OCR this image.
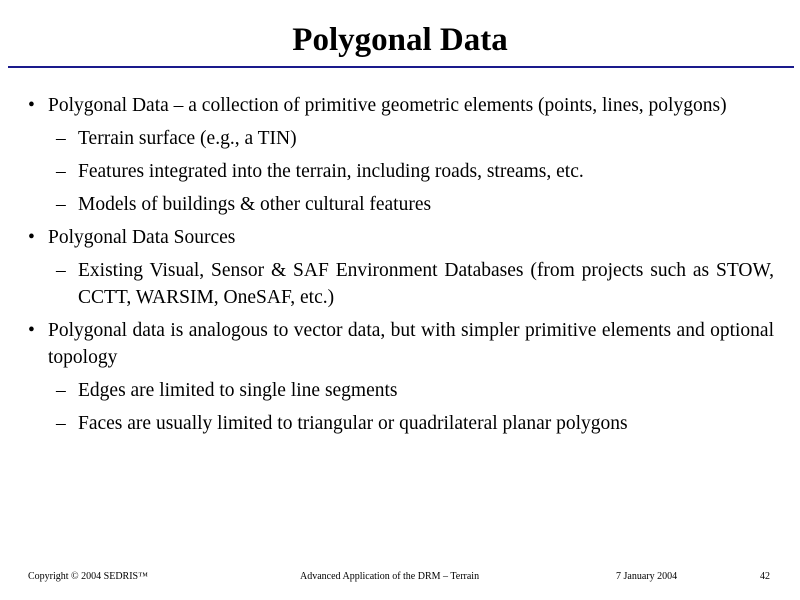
Polygonal Data
• Polygonal Data – a collection of primitive geometric elements (points, lines, polygons)
– Terrain surface (e.g., a TIN)
– Features integrated into the terrain, including roads, streams, etc.
– Models of buildings & other cultural features
• Polygonal Data Sources
– Existing Visual, Sensor & SAF Environment Databases (from projects such as STOW, CCTT, WARSIM, OneSAF, etc.)
• Polygonal data is analogous to vector data, but with simpler primitive elements and optional topology
– Edges are limited to single line segments
– Faces are usually limited to triangular or quadrilateral planar polygons
Copyright © 2004 SEDRIS™	Advanced Application of the DRM – Terrain	7 January 2004	42
